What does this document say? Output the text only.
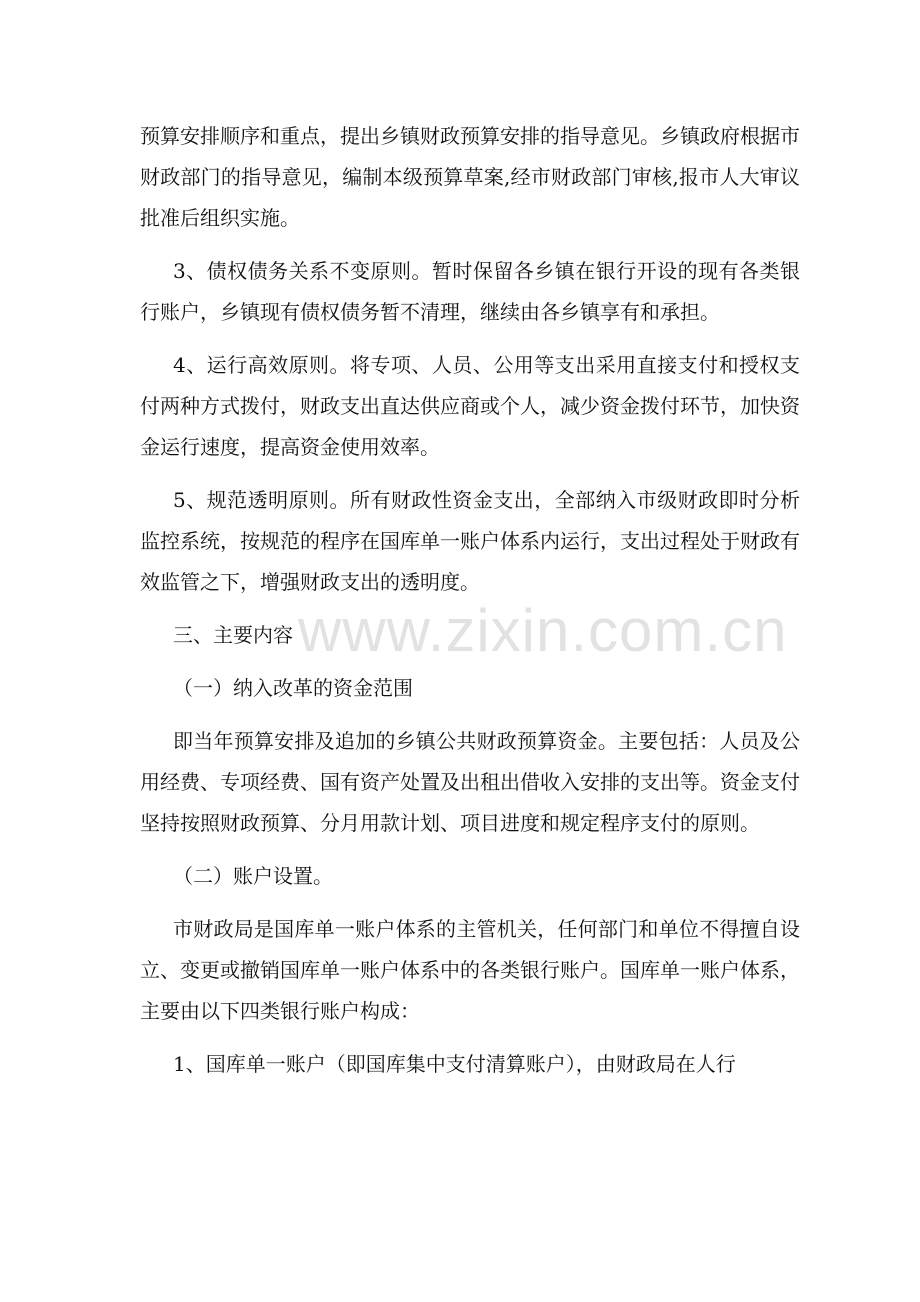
预算安排顺序和重点，提出乡镇财政预算安排的指导意见。乡镇政府根据市财政部门的指导意见，编制本级预算草案,经市财政部门审核,报市人大审议批准后组织实施。

3、债权债务关系不变原则。暂时保留各乡镇在银行开设的现有各类银行账户，乡镇现有债权债务暂不清理，继续由各乡镇享有和承担。

4、运行高效原则。将专项、人员、公用等支出采用直接支付和授权支付两种方式拨付，财政支出直达供应商或个人，减少资金拨付环节，加快资金运行速度，提高资金使用效率。

5、规范透明原则。所有财政性资金支出，全部纳入市级财政即时分析监控系统，按规范的程序在国库单一账户体系内运行，支出过程处于财政有效监管之下，增强财政支出的透明度。

三、主要内容

（一）纳入改革的资金范围

即当年预算安排及追加的乡镇公共财政预算资金。主要包括：人员及公用经费、专项经费、国有资产处置及出租出借收入安排的支出等。资金支付坚持按照财政预算、分月用款计划、项目进度和规定程序支付的原则。

（二）账户设置。

市财政局是国库单一账户体系的主管机关，任何部门和单位不得擅自设立、变更或撤销国库单一账户体系中的各类银行账户。国库单一账户体系，主要由以下四类银行账户构成：

1、国库单一账户（即国库集中支付清算账户），由财政局在人行

www.zixin.com.cn
